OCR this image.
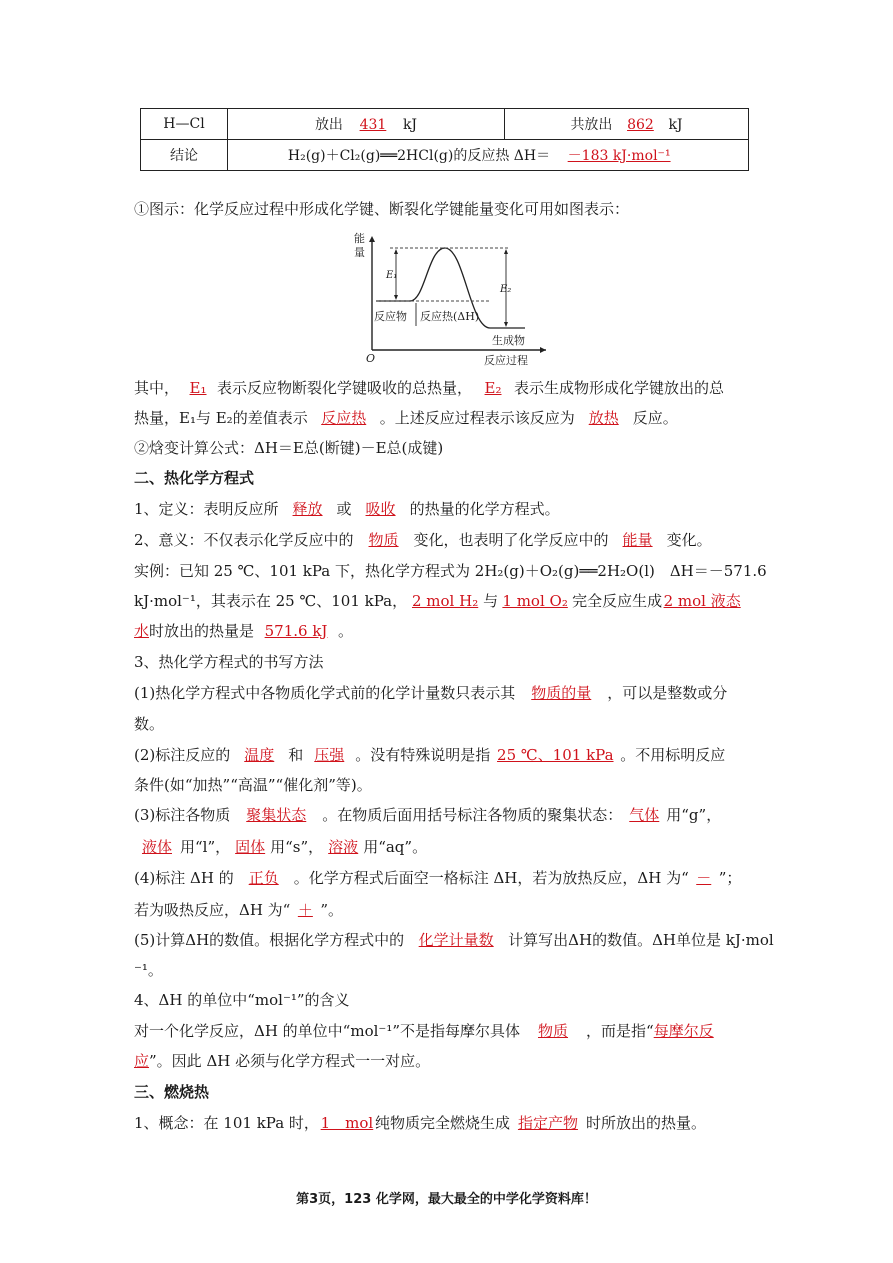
H—Cl	放出 431 kJ	共放出 862 kJ
结论	H₂(g)＋Cl₂(g)══2HCl(g)的反应热 ΔH＝ －183 kJ·mol⁻¹	
①图示：化学反应过程中形成化学键、断裂化学键能量变化可用如图表示：
能
量
O
E₁
E₂
反应物 反应热(ΔH)
生成物
反应过程
其中， E₁ 表示反应物断裂化学键吸收的总热量， E₂ 表示生成物形成化学键放出的总
热量，E₁与 E₂的差值表示 反应热 。上述反应过程表示该反应为 放热 反应。
②焓变计算公式：ΔH＝E总(断键)－E总(成键)
二、热化学方程式
1、定义：表明反应所 释放 或 吸收 的热量的化学方程式。
2、意义：不仅表示化学反应中的 物质 变化，也表明了化学反应中的 能量 变化。
实例：已知 25 ℃、101 kPa 下，热化学方程式为 2H₂(g)＋O₂(g)══2H₂O(l)　ΔH＝－571.6
kJ·mol⁻¹，其表示在 25 ℃、101 kPa， 2 mol H₂ 与 1 mol O₂ 完全反应生成2 mol 液态
水时放出的热量是 571.6 kJ 。
3、热化学方程式的书写方法
(1)热化学方程式中各物质化学式前的化学计量数只表示其 物质的量 ，可以是整数或分
数。
(2)标注反应的 温度 和 压强 。没有特殊说明是指 25 ℃、101 kPa 。不用标明反应
条件(如“加热”“高温”“催化剂”等)。
(3)标注各物质 聚集状态 。在物质后面用括号标注各物质的聚集状态： 气体 用“g”，
液体 用“l”， 固体 用“s”， 溶液 用“aq”。
(4)标注 ΔH 的 正负 。化学方程式后面空一格标注 ΔH，若为放热反应，ΔH 为“ － ”；
若为吸热反应，ΔH 为“ ＋ ”。
(5)计算ΔH的数值。根据化学方程式中的 化学计量数 计算写出ΔH的数值。ΔH单位是 kJ·mol
⁻¹。
4、ΔH 的单位中“mol⁻¹”的含义
对一个化学反应，ΔH 的单位中“mol⁻¹”不是指每摩尔具体 物质 ，而是指“每摩尔反
应”。因此 ΔH 必须与化学方程式一一对应。
三、燃烧热
1、概念：在 101 kPa 时， 1　mol 纯物质完全燃烧生成 指定产物 时所放出的热量。
第3页，123 化学网，最大最全的中学化学资料库！
